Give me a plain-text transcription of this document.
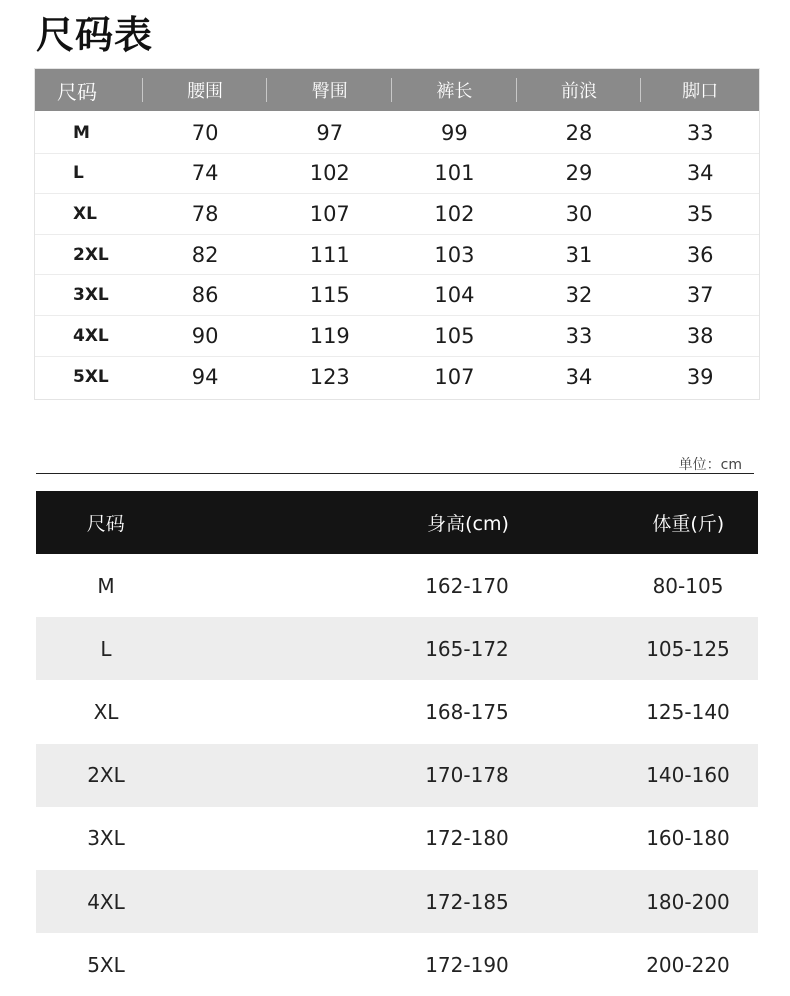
尺码表
尺码	腰围	臀围	裤长	前浪	脚口
M	70	97	99	28	33
L	74	102	101	29	34
XL	78	107	102	30	35
2XL	82	111	103	31	36
3XL	86	115	104	32	37
4XL	90	119	105	33	38
5XL	94	123	107	34	39
单位：cm
尺码	身高(cm)	体重(斤)
M	162-170	80-105
L	165-172	105-125
XL	168-175	125-140
2XL	170-178	140-160
3XL	172-180	160-180
4XL	172-185	180-200
5XL	172-190	200-220
